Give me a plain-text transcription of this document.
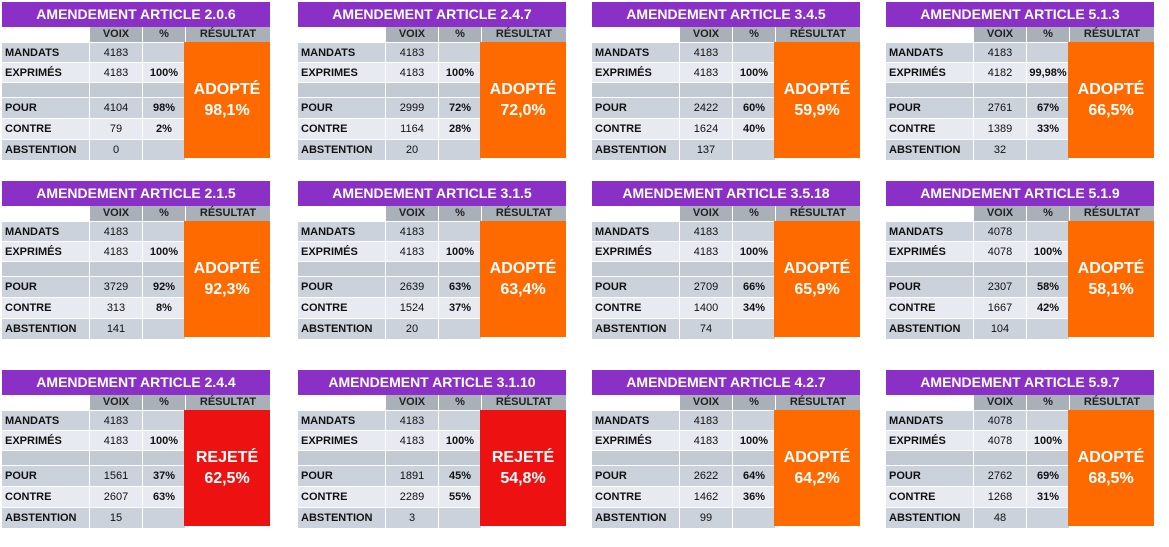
AMENDEMENT ARTICLE 2.0.6
VOIX	%	RÉSULTAT
MANDATS	4183
EXPRIMÉS	4183	100%
POUR	4104	98%
CONTRE	79	2%
ABSTENTION	0
ADOPTÉ
98,1%
AMENDEMENT ARTICLE 2.4.7
VOIX	%	RÉSULTAT
MANDATS	4183
EXPRIMES	4183	100%
POUR	2999	72%
CONTRE	1164	28%
ABSTENTION	20
ADOPTÉ
72,0%
AMENDEMENT ARTICLE 3.4.5
VOIX	%	RÉSULTAT
MANDATS	4183
EXPRIMÉS	4183	100%
POUR	2422	60%
CONTRE	1624	40%
ABSTENTION	137
ADOPTÉ
59,9%
AMENDEMENT ARTICLE 5.1.3
VOIX	%	RÉSULTAT
MANDATS	4183
EXPRIMÉS	4182	99,98%
POUR	2761	67%
CONTRE	1389	33%
ABSTENTION	32
ADOPTÉ
66,5%
AMENDEMENT ARTICLE 2.1.5
VOIX	%	RÉSULTAT
MANDATS	4183
EXPRIMÉS	4183	100%
POUR	3729	92%
CONTRE	313	8%
ABSTENTION	141
ADOPTÉ
92,3%
AMENDEMENT ARTICLE 3.1.5
VOIX	%	RÉSULTAT
MANDATS	4183
EXPRIMÉS	4183	100%
POUR	2639	63%
CONTRE	1524	37%
ABSTENTION	20
ADOPTÉ
63,4%
AMENDEMENT ARTICLE 3.5.18
VOIX	%	RÉSULTAT
MANDATS	4183
EXPRIMÉS	4183	100%
POUR	2709	66%
CONTRE	1400	34%
ABSTENTION	74
ADOPTÉ
65,9%
AMENDEMENT ARTICLE 5.1.9
VOIX	%	RÉSULTAT
MANDATS	4078
EXPRIMÉS	4078	100%
POUR	2307	58%
CONTRE	1667	42%
ABSTENTION	104
ADOPTÉ
58,1%
AMENDEMENT ARTICLE 2.4.4
VOIX	%	RÉSULTAT
MANDATS	4183
EXPRIMÉS	4183	100%
POUR	1561	37%
CONTRE	2607	63%
ABSTENTION	15
REJETÉ
62,5%
AMENDEMENT ARTICLE 3.1.10
VOIX	%	RÉSULTAT
MANDATS	4183
EXPRIMES	4183	100%
POUR	1891	45%
CONTRE	2289	55%
ABSTENTION	3
REJETÉ
54,8%
AMENDEMENT ARTICLE 4.2.7
VOIX	%	RÉSULTAT
MANDATS	4183
EXPRIMÉS	4183	100%
POUR	2622	64%
CONTRE	1462	36%
ABSTENTION	99
ADOPTÉ
64,2%
AMENDEMENT ARTICLE 5.9.7
VOIX	%	RÉSULTAT
MANDATS	4078
EXPRIMÉS	4078	100%
POUR	2762	69%
CONTRE	1268	31%
ABSTENTION	48
ADOPTÉ
68,5%
